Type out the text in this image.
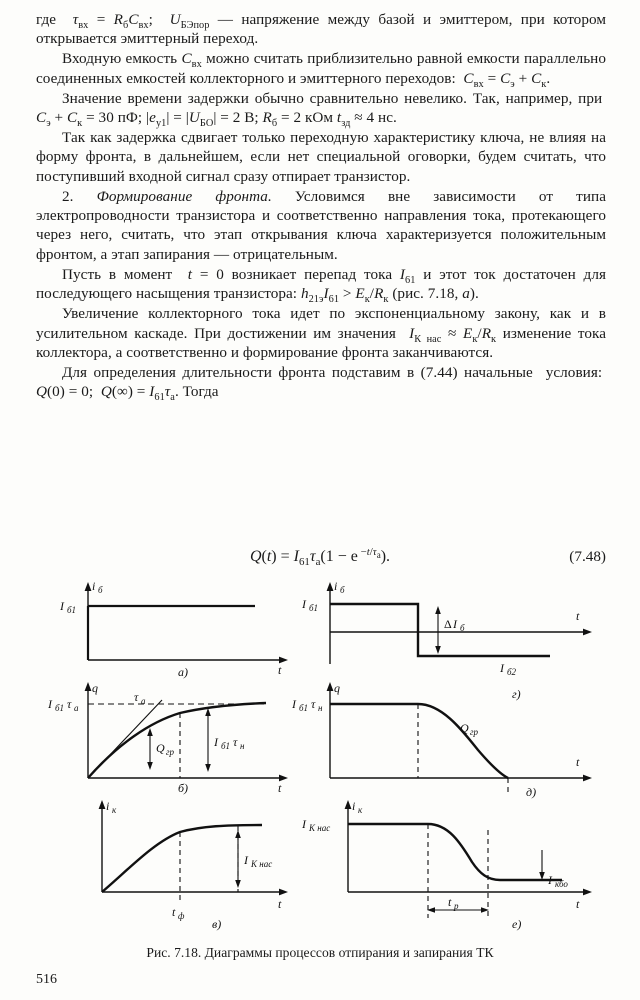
где  $\tau_{вх} = R_бC_{вх}$;  $U_{БЭпор}$ — напряжение между базой и эмиттером, при котором открывается эмиттерный переход.

Входную емкость $C_{вх}$ можно считать приблизительно равной емкости параллельно соединенных емкостей коллекторного и эмиттерного переходов:  $C_{вх} = C_э + C_к$.

Значение времени задержки обычно сравнительно невелико. Так, например, при  $C_э + C_к = 30$ пФ; $|e_{у1}| = |U_{БО}| = 2$ В; $R_б = 2$ кОм $t_{зд} \approx 4$ нс.

Так как задержка сдвигает только переходную характеристику ключа, не влияя на форму фронта, в дальнейшем, если нет специальной оговорки, будем считать, что поступивший входной сигнал сразу отпирает транзистор.

2. Формирование фронта. Условимся вне зависимости от типа электропроводности транзистора и соответственно направления тока, протекающего через него, считать, что этап открывания ключа характеризуется положительным фронтом, а этап запирания — отрицательным.

Пусть в момент  t = 0 возникает перепад тока $I_{61}$ и этот ток достаточен для последующего насыщения транзистора: $h_{21э}I_{61} > E_к/R_к$ (рис. 7.18, а).

Увеличение коллекторного тока идет по экспоненциальному закону, как и в усилительном каскаде. При достижении им значения  $I_{К нас} \approx E_к/R_к$ изменение тока коллектора, а соответственно и формирование фронта заканчиваются.

Для определения длительности фронта подставим в (7.44) начальные  условия:  Q(0) = 0;  $Q(\infty) = I_{61}\tau_a$. Тогда

$Q(t) = I_{61}\tau_a(1 - e$ $^{-t/\tau_a}$).	(7.48)
i б
I б1
t
а)
q
I б1 τ a
τ a
Q гр
I б1 τ н
t
б)
i к
I К нас
t ф
t
в)
i б
I б1
Δ I б
I б2
t
г)
q
I б1 τ н
Q гр
t
д)
i к
I К нас
t р
I кбо
t
е)
Рис. 7.18. Диаграммы процессов отпирания и запирания ТК
516
